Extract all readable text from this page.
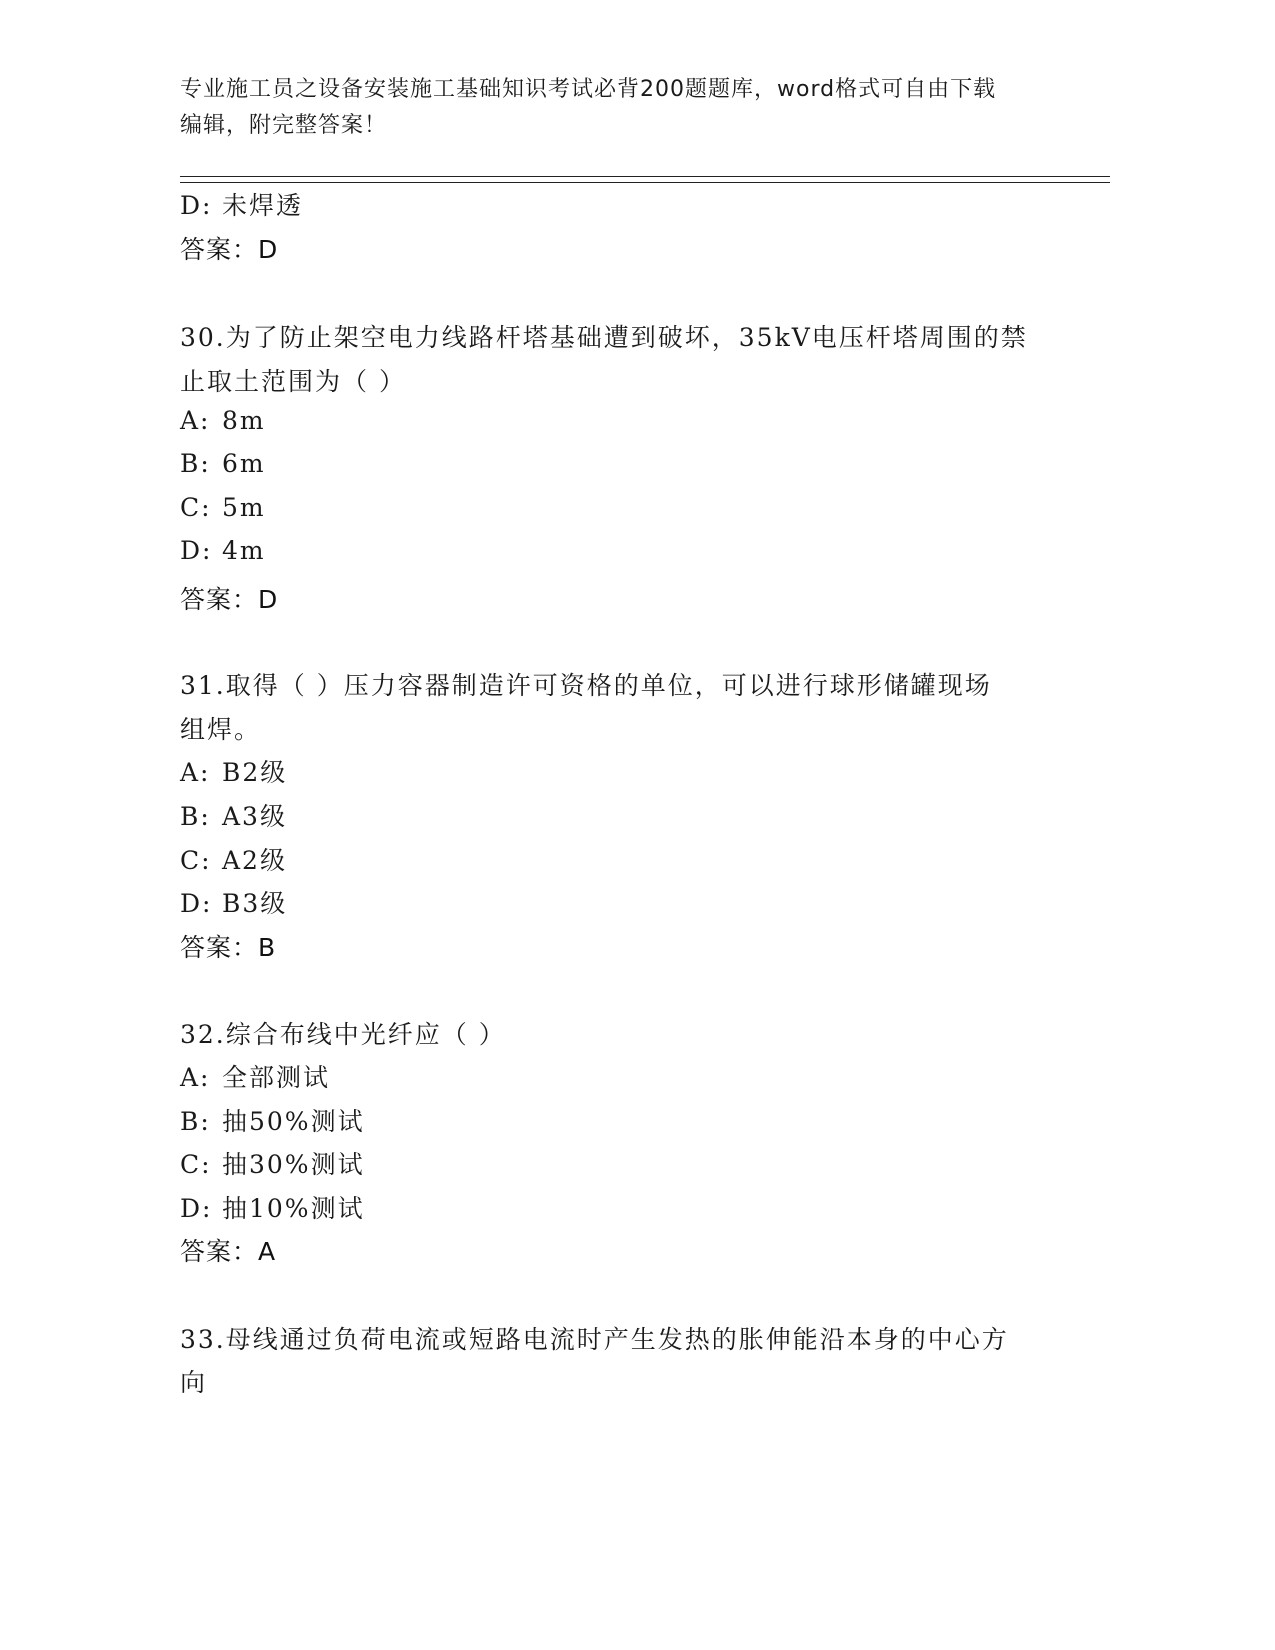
专业施工员之设备安装施工基础知识考试必背200题题库，word格式可自由下载
编辑，附完整答案！
D: 未焊透
答案：D
30.为了防止架空电力线路杆塔基础遭到破坏，35kV电压杆塔周围的禁
止取土范围为（ ）
A: 8m
B: 6m
C: 5m
D: 4m
答案：D
31.取得（ ）压力容器制造许可资格的单位，可以进行球形储罐现场
组焊。
A: B2级
B: A3级
C: A2级
D: B3级
答案：B
32.综合布线中光纤应（ ）
A: 全部测试
B: 抽50%测试
C: 抽30%测试
D: 抽10%测试
答案：A
33.母线通过负荷电流或短路电流时产生发热的胀伸能沿本身的中心方
向
